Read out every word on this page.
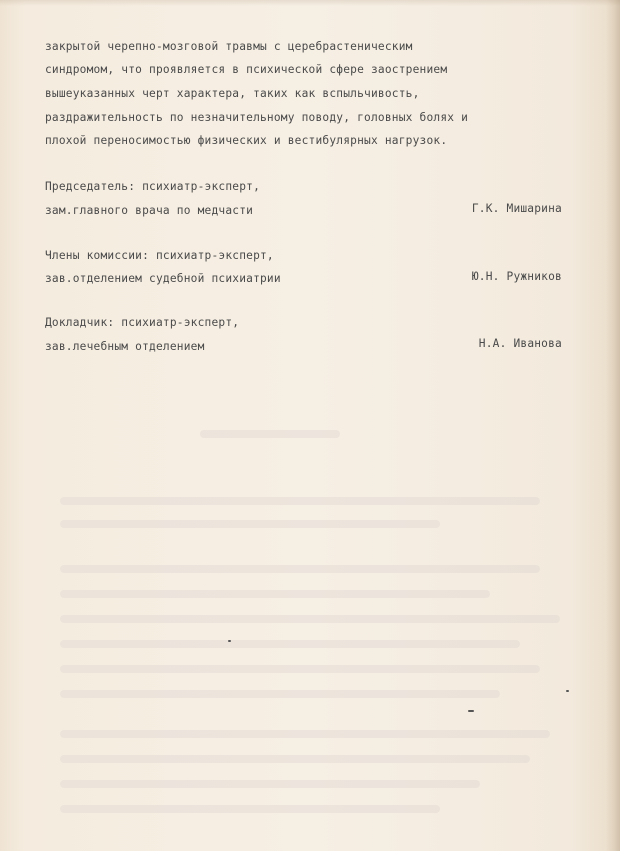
закрытой черепно-мозговой травмы с церебрастеническим
синдромом, что проявляется в психической сфере заострением
вышеуказанных черт характера, таких как вспыльчивость,
раздражительность по незначительному поводу, головных болях и
плохой переносимостью физических и вестибулярных нагрузок.
Председатель: психиатр-эксперт,
зам.главного врача по медчасти	Г.К. Мишарина
Члены комиссии: психиатр-эксперт,
зав.отделением судебной психиатрии	Ю.Н. Ружников
Докладчик: психиатр-эксперт,
зав.лечебным отделением	Н.А. Иванова
